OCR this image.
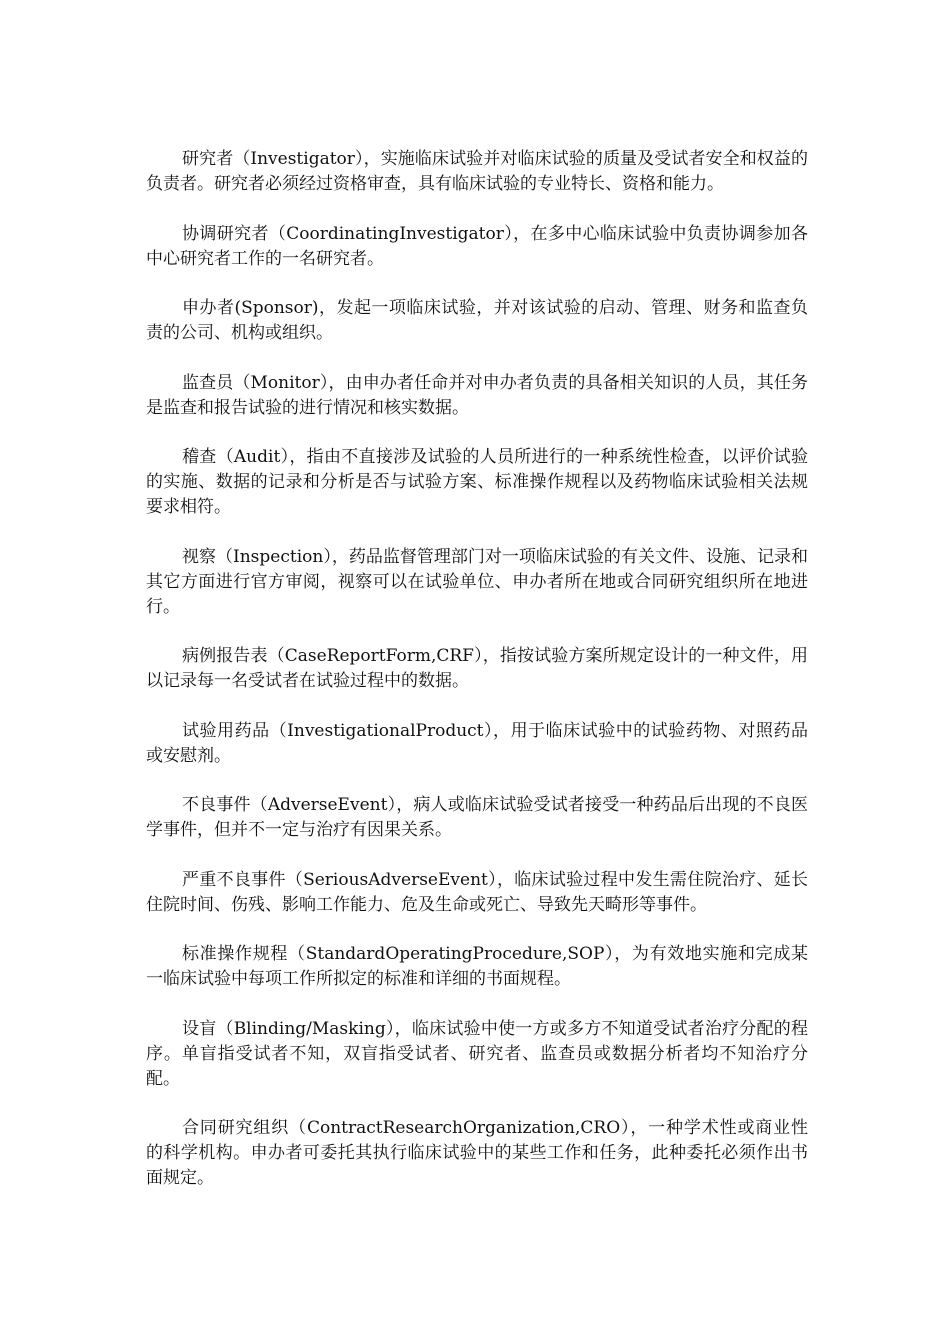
研究者（Investigator），实施临床试验并对临床试验的质量及受试者安全和权益的负责者。研究者必须经过资格审查，具有临床试验的专业特长、资格和能力。

协调研究者（CoordinatingInvestigator），在多中心临床试验中负责协调参加各中心研究者工作的一名研究者。

申办者(Sponsor)，发起一项临床试验，并对该试验的启动、管理、财务和监查负责的公司、机构或组织。

监查员（Monitor），由申办者任命并对申办者负责的具备相关知识的人员，其任务是监查和报告试验的进行情况和核实数据。

稽查（Audit），指由不直接涉及试验的人员所进行的一种系统性检查，以评价试验的实施、数据的记录和分析是否与试验方案、标准操作规程以及药物临床试验相关法规要求相符。

视察（Inspection），药品监督管理部门对一项临床试验的有关文件、设施、记录和其它方面进行官方审阅，视察可以在试验单位、申办者所在地或合同研究组织所在地进行。

病例报告表（CaseReportForm,CRF），指按试验方案所规定设计的一种文件，用以记录每一名受试者在试验过程中的数据。

试验用药品（InvestigationalProduct），用于临床试验中的试验药物、对照药品或安慰剂。

不良事件（AdverseEvent），病人或临床试验受试者接受一种药品后出现的不良医学事件，但并不一定与治疗有因果关系。

严重不良事件（SeriousAdverseEvent），临床试验过程中发生需住院治疗、延长住院时间、伤残、影响工作能力、危及生命或死亡、导致先天畸形等事件。

标准操作规程（StandardOperatingProcedure,SOP），为有效地实施和完成某一临床试验中每项工作所拟定的标准和详细的书面规程。

设盲（Blinding/Masking），临床试验中使一方或多方不知道受试者治疗分配的程序。单盲指受试者不知，双盲指受试者、研究者、监查员或数据分析者均不知治疗分配。

合同研究组织（ContractResearchOrganization,CRO），一种学术性或商业性的科学机构。申办者可委托其执行临床试验中的某些工作和任务，此种委托必须作出书面规定。
